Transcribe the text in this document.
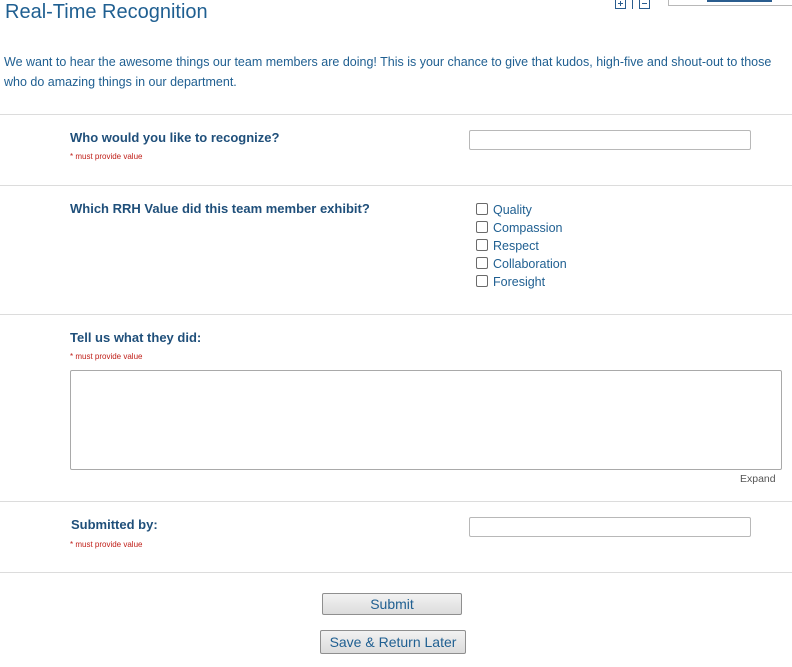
Real-Time Recognition
We want to hear the awesome things our team members are doing! This is your chance to give that kudos, high-five and shout-out to those who do amazing things in our department.
Who would you like to recognize?
* must provide value
Which RRH Value did this team member exhibit?	Quality
Compassion
Respect
Collaboration
Foresight
Tell us what they did:
* must provide value
Expand
Submitted by:
* must provide value
Submit
Save & Return Later
